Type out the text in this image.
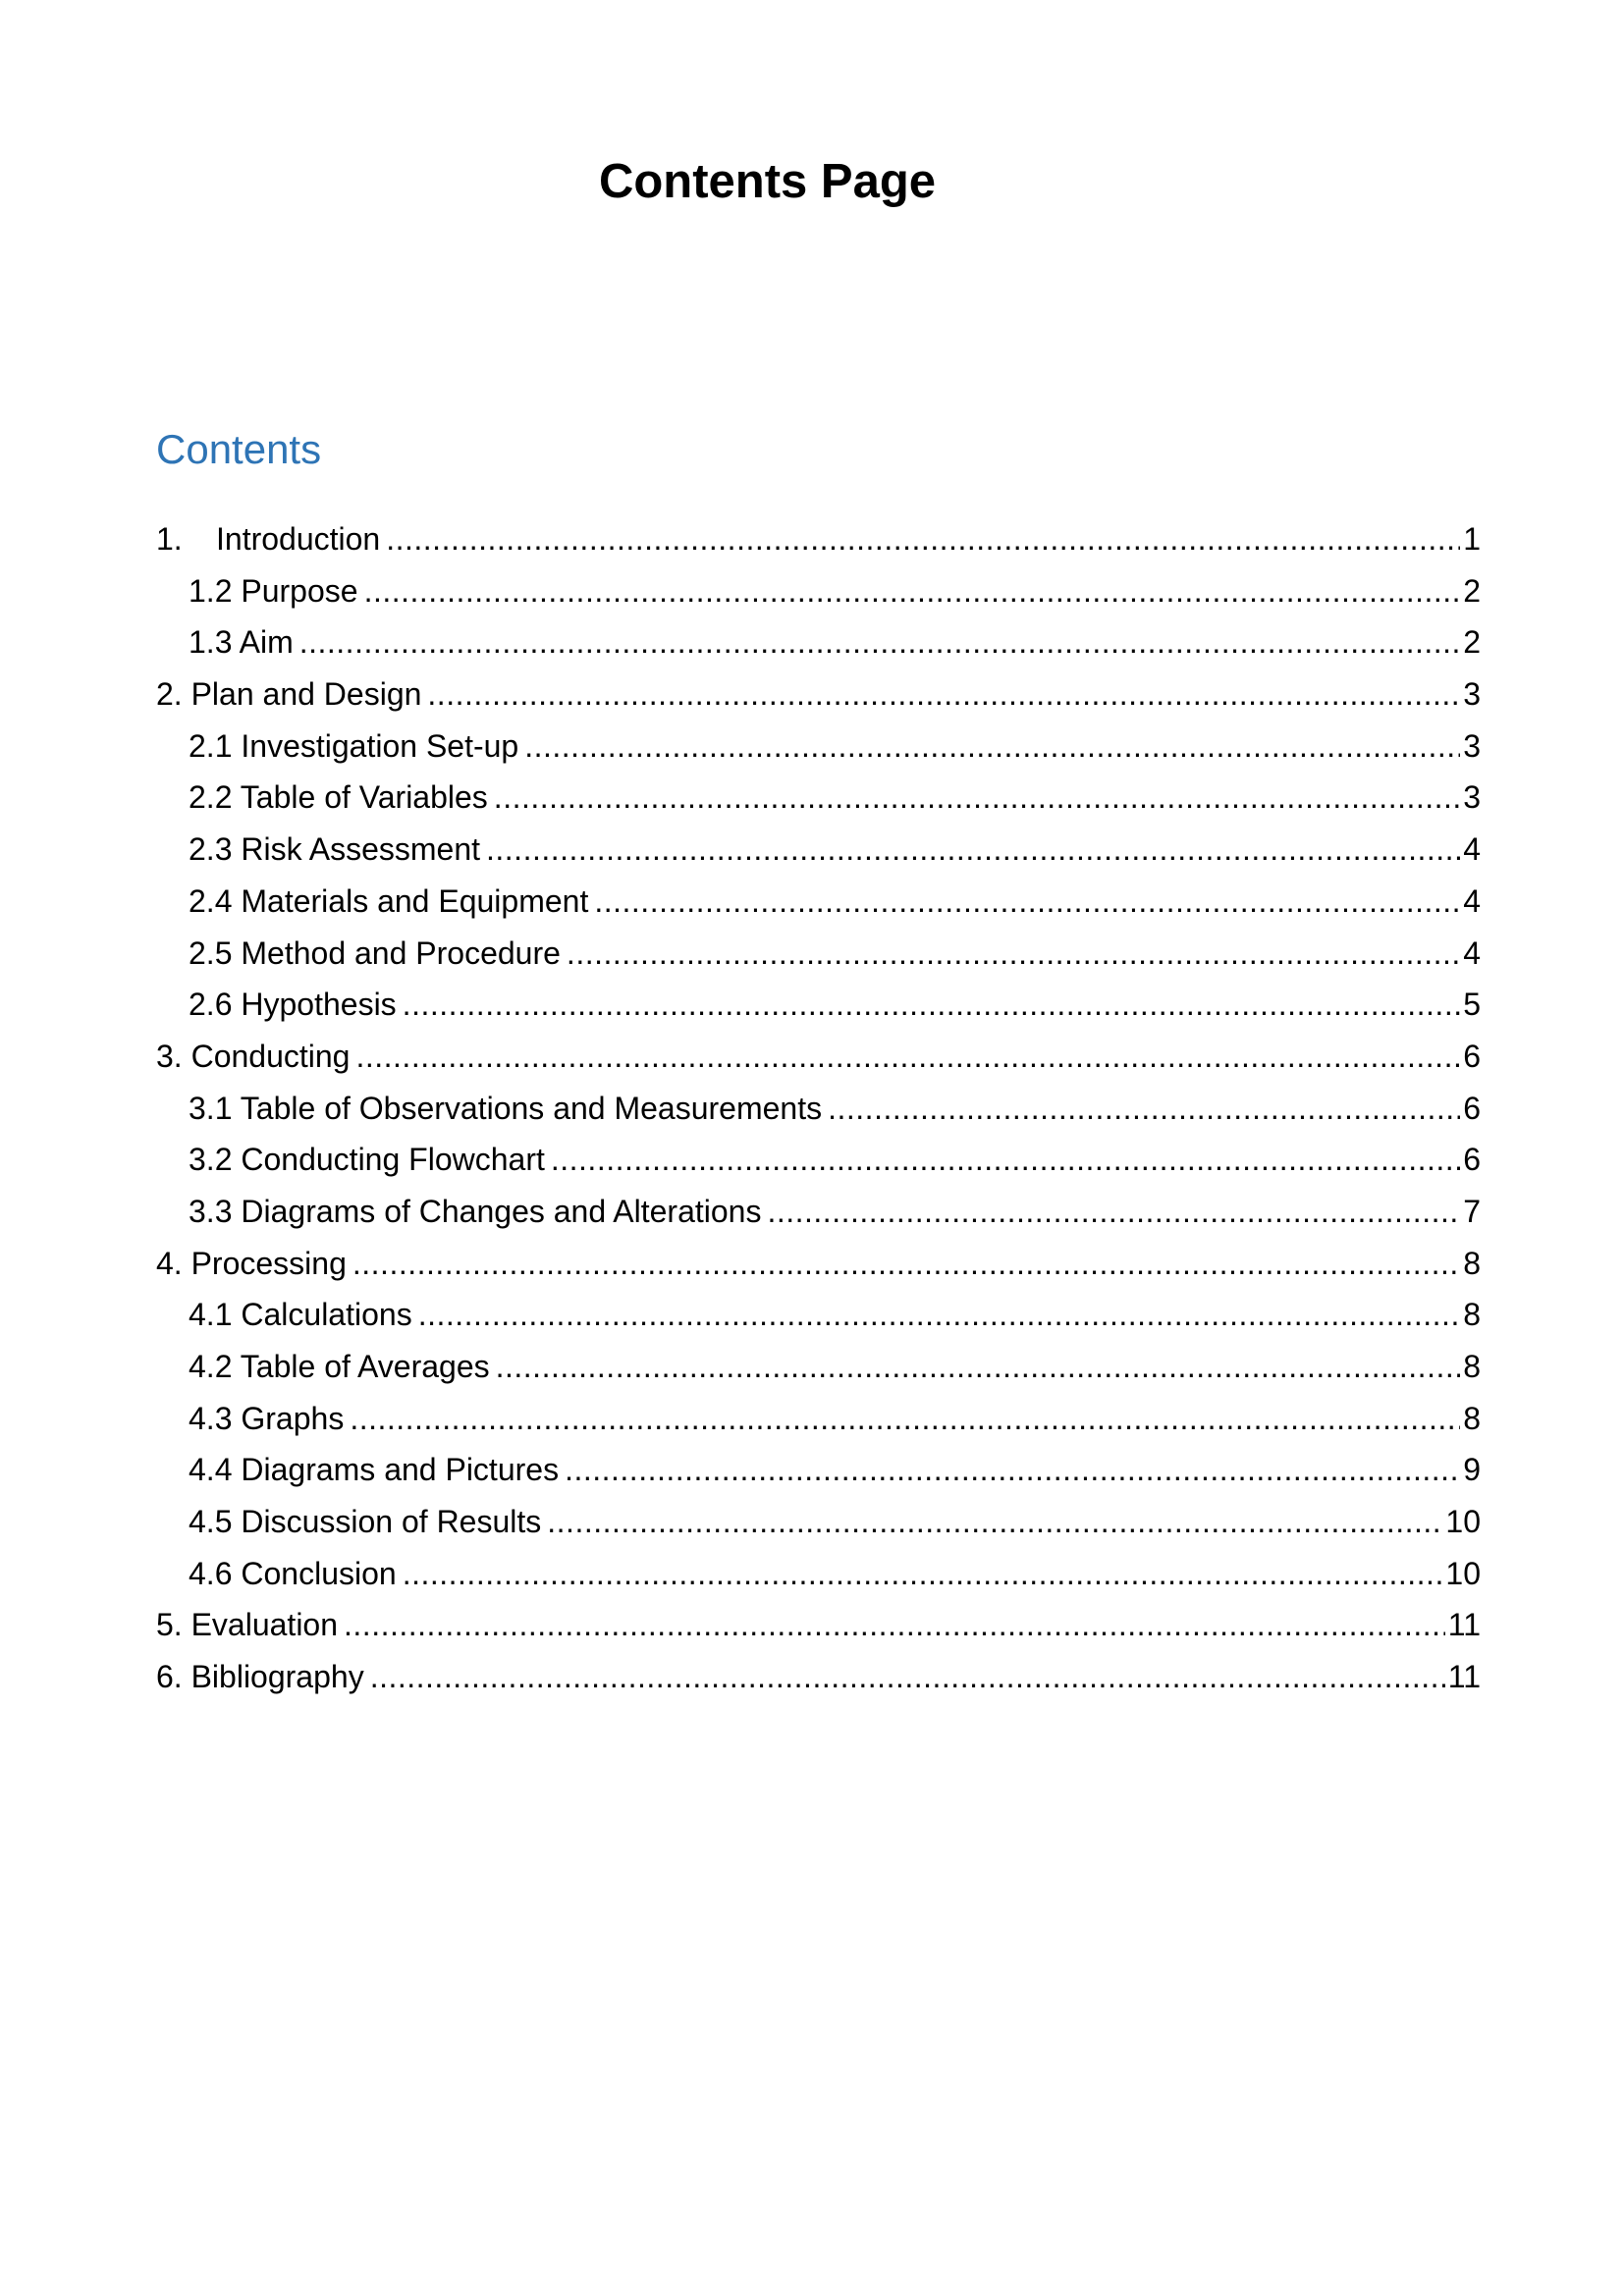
Contents Page
Contents
1. Introduction .....	1
1.2 Purpose .....	2
1.3 Aim .....	2
2. Plan and Design .....	3
2.1 Investigation Set-up .....	3
2.2 Table of Variables .....	3
2.3 Risk Assessment .....	4
2.4 Materials and Equipment .....	4
2.5 Method and Procedure .....	4
2.6 Hypothesis .....	5
3. Conducting .....	6
3.1 Table of Observations and Measurements .....	6
3.2 Conducting Flowchart .....	6
3.3 Diagrams of Changes and Alterations .....	7
4. Processing .....	8
4.1 Calculations .....	8
4.2 Table of Averages .....	8
4.3 Graphs .....	8
4.4 Diagrams and Pictures .....	9
4.5 Discussion of Results .....	10
4.6 Conclusion .....	10
5. Evaluation .....	11
6. Bibliography .....	11
